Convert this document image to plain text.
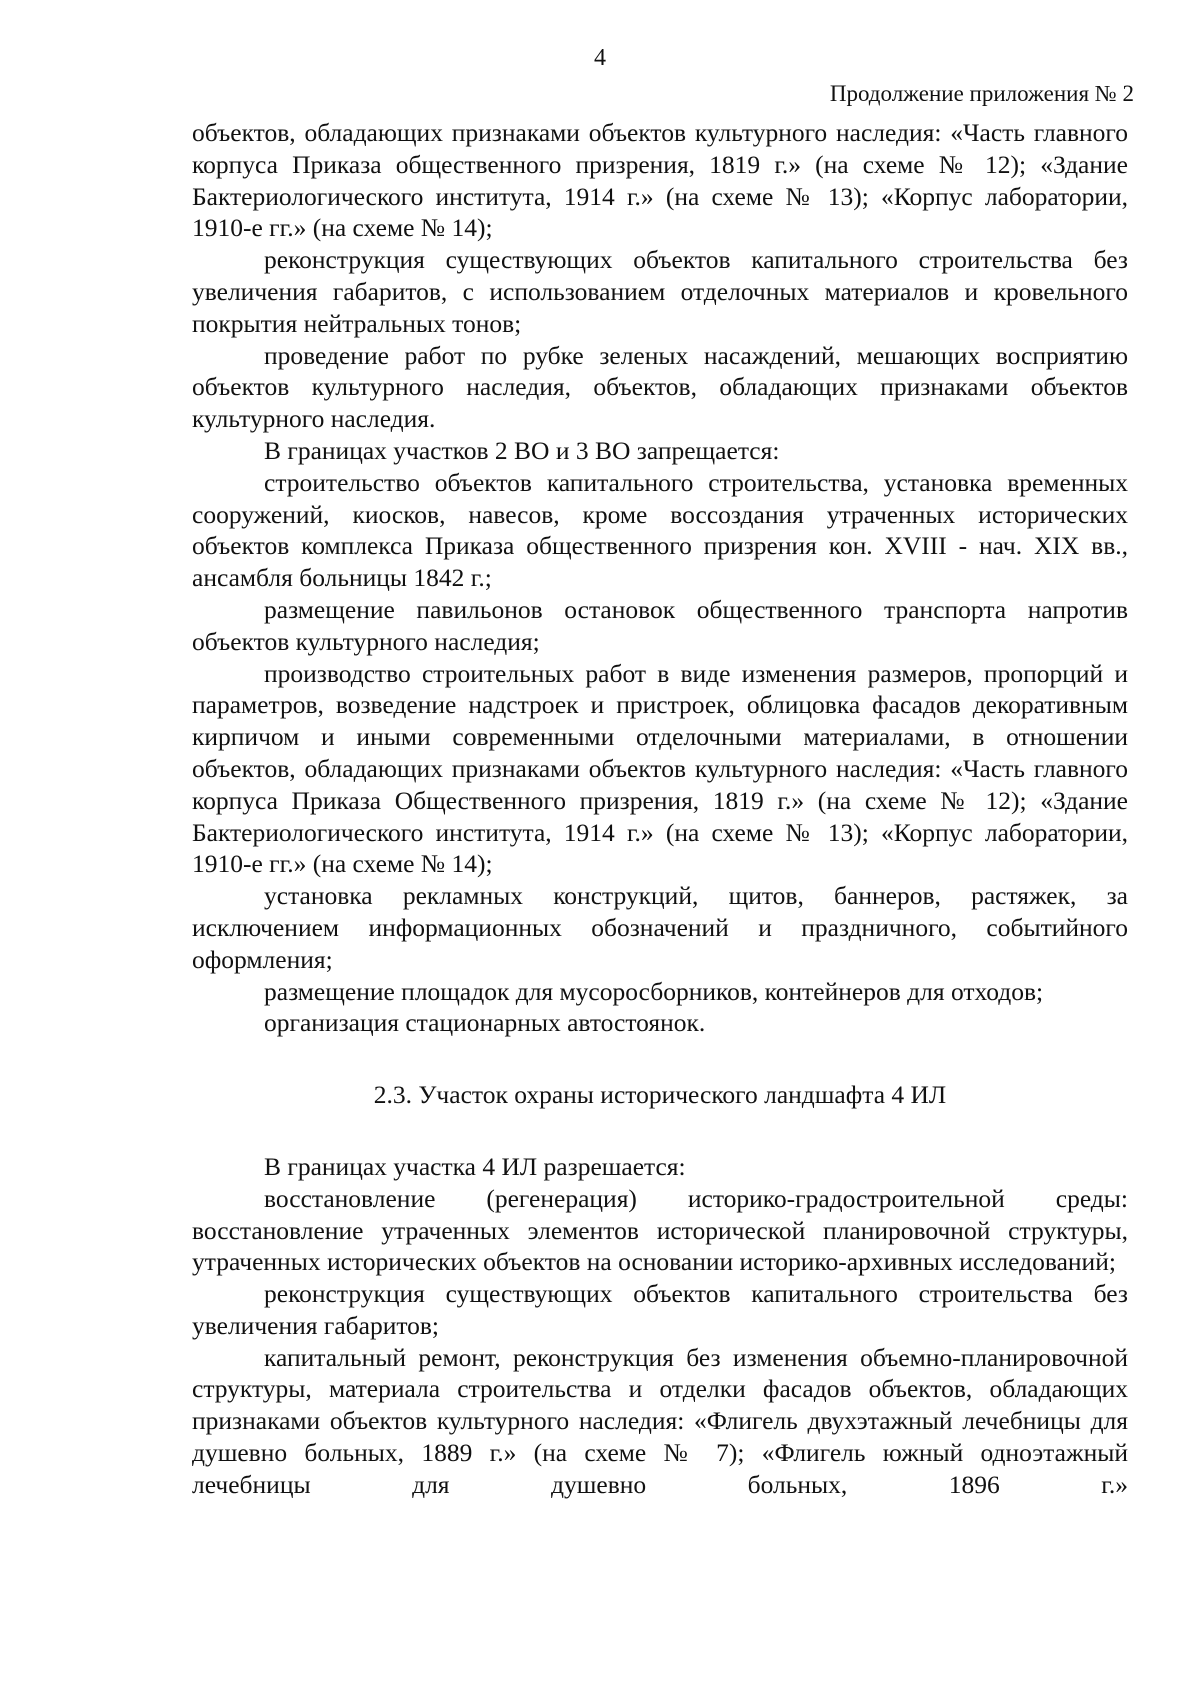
4
Продолжение приложения № 2

объектов, обладающих признаками объектов культурного наследия: «Часть главного корпуса Приказа общественного призрения, 1819 г.» (на схеме № 12); «Здание Бактериологического института, 1914 г.» (на схеме № 13); «Корпус лаборатории, 1910-е гг.» (на схеме № 14);

реконструкция существующих объектов капитального строительства без увеличения габаритов, с использованием отделочных материалов и кровельного покрытия нейтральных тонов;

проведение работ по рубке зеленых насаждений, мешающих восприятию объектов культурного наследия, объектов, обладающих признаками объектов культурного наследия.

В границах участков 2 ВО и 3 ВО запрещается:

строительство объектов капитального строительства, установка временных сооружений, киосков, навесов, кроме воссоздания утраченных исторических объектов комплекса Приказа общественного призрения кон. XVIII - нач. XIX вв., ансамбля больницы 1842 г.;

размещение павильонов остановок общественного транспорта напротив объектов культурного наследия;

производство строительных работ в виде изменения размеров, пропорций и параметров, возведение надстроек и пристроек, облицовка фасадов декоративным кирпичом и иными современными отделочными материалами, в отношении объектов, обладающих признаками объектов культурного наследия: «Часть главного корпуса Приказа Общественного призрения, 1819 г.» (на схеме № 12); «Здание Бактериологического института, 1914 г.» (на схеме № 13); «Корпус лаборатории, 1910-е гг.» (на схеме № 14);

установка рекламных конструкций, щитов, баннеров, растяжек, за исключением информационных обозначений и праздничного, событийного оформления;

размещение площадок для мусоросборников, контейнеров для отходов;

организация стационарных автостоянок.

2.3. Участок охраны исторического ландшафта 4 ИЛ

В границах участка 4 ИЛ разрешается:

восстановление (регенерация) историко-градостроительной среды: восстановление утраченных элементов исторической планировочной структуры, утраченных исторических объектов на основании историко-архивных исследований;

реконструкция существующих объектов капитального строительства без увеличения габаритов;

капитальный ремонт, реконструкция без изменения объемно-планировочной структуры, материала строительства и отделки фасадов объектов, обладающих признаками объектов культурного наследия: «Флигель двухэтажный лечебницы для душевно больных, 1889 г.» (на схеме № 7); «Флигель южный одноэтажный лечебницы для душевно больных, 1896 г.»
